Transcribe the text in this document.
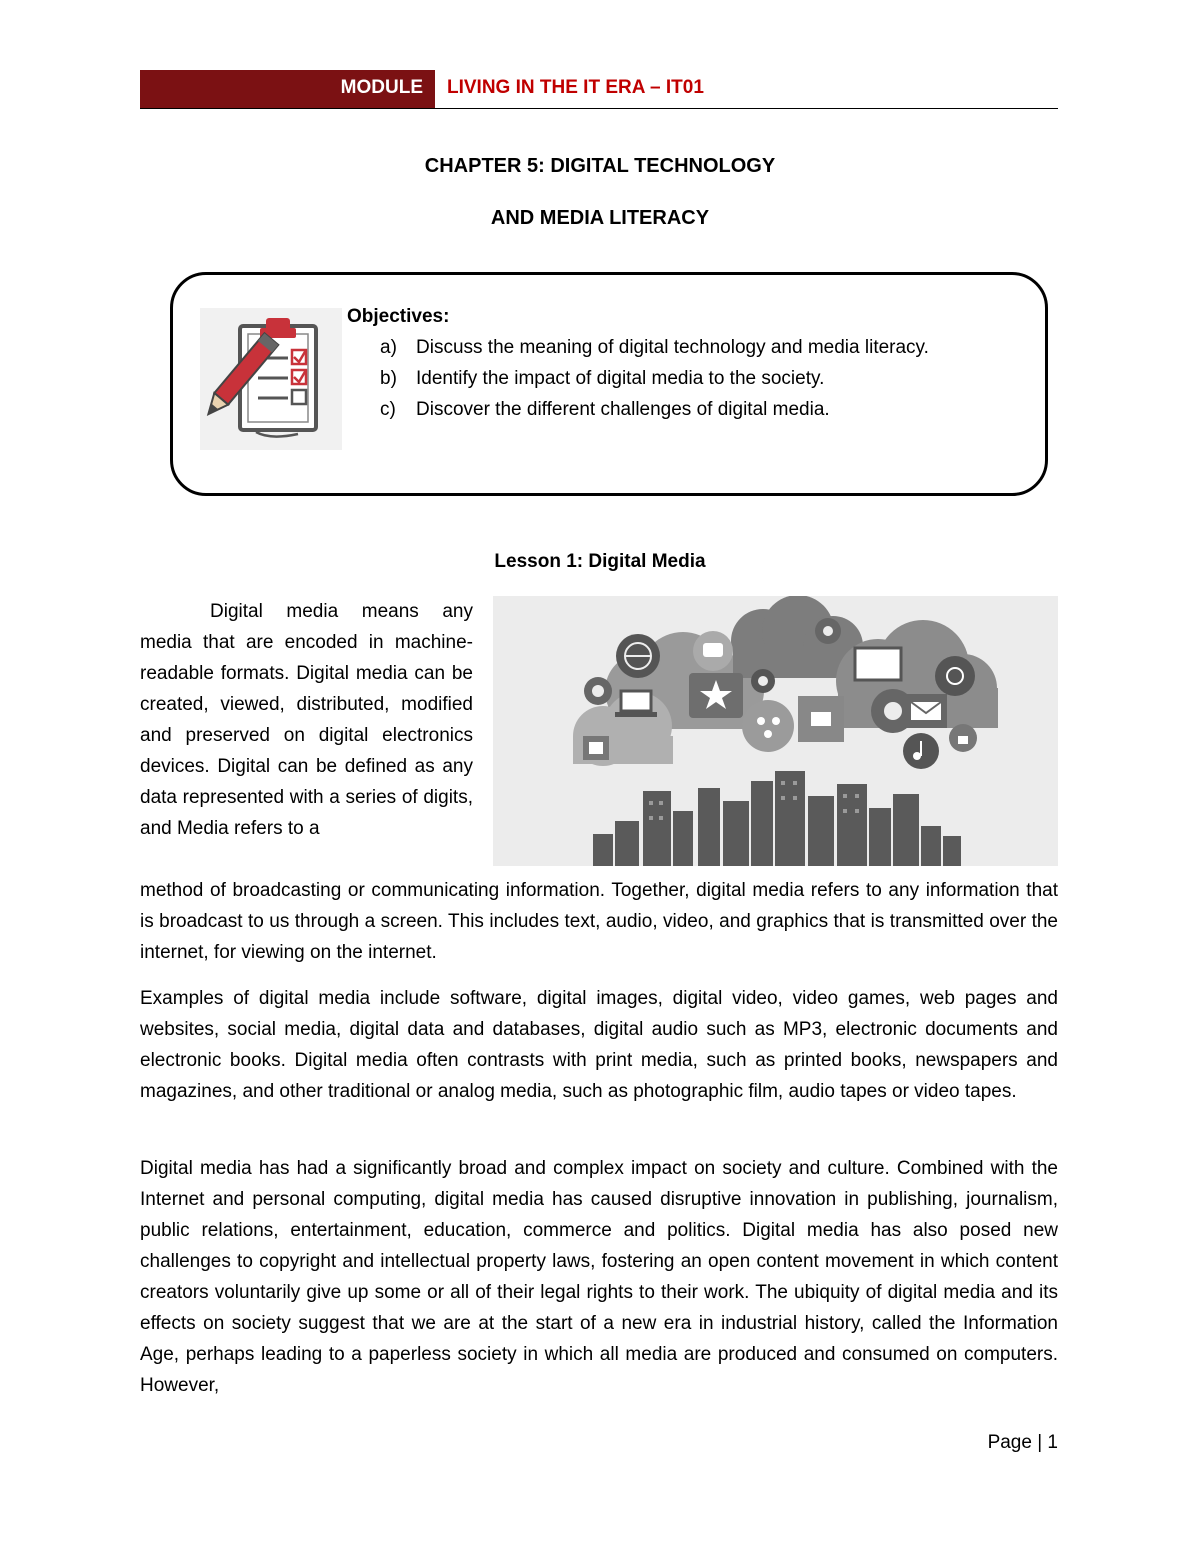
MODULE	LIVING IN THE IT ERA – IT01
CHAPTER 5: DIGITAL TECHNOLOGY
AND MEDIA LITERACY
Objectives:
a) Discuss the meaning of digital technology and media literacy.
b) Identify the impact of digital media to the society.
c) Discover the different challenges of digital media.
Lesson 1: Digital Media

Digital media means any media that are encoded in machine-readable formats. Digital media can be created, viewed, distributed, modified and preserved on digital electronics devices. Digital can be defined as any data represented with a series of digits, and Media refers to a

method of broadcasting or communicating information. Together, digital media refers to any information that is broadcast to us through a screen. This includes text, audio, video, and graphics that is transmitted over the internet, for viewing on the internet.

Examples of digital media include software, digital images, digital video, video games, web pages and websites, social media, digital data and databases, digital audio such as MP3, electronic documents and electronic books. Digital media often contrasts with print media, such as printed books, newspapers and magazines, and other traditional or analog media, such as photographic film, audio tapes or video tapes.

Digital media has had a significantly broad and complex impact on society and culture. Combined with the Internet and personal computing, digital media has caused disruptive innovation in publishing, journalism, public relations, entertainment, education, commerce and politics. Digital media has also posed new challenges to copyright and intellectual property laws, fostering an open content movement in which content creators voluntarily give up some or all of their legal rights to their work. The ubiquity of digital media and its effects on society suggest that we are at the start of a new era in industrial history, called the Information Age, perhaps leading to a paperless society in which all media are produced and consumed on computers. However,

Page | 1
